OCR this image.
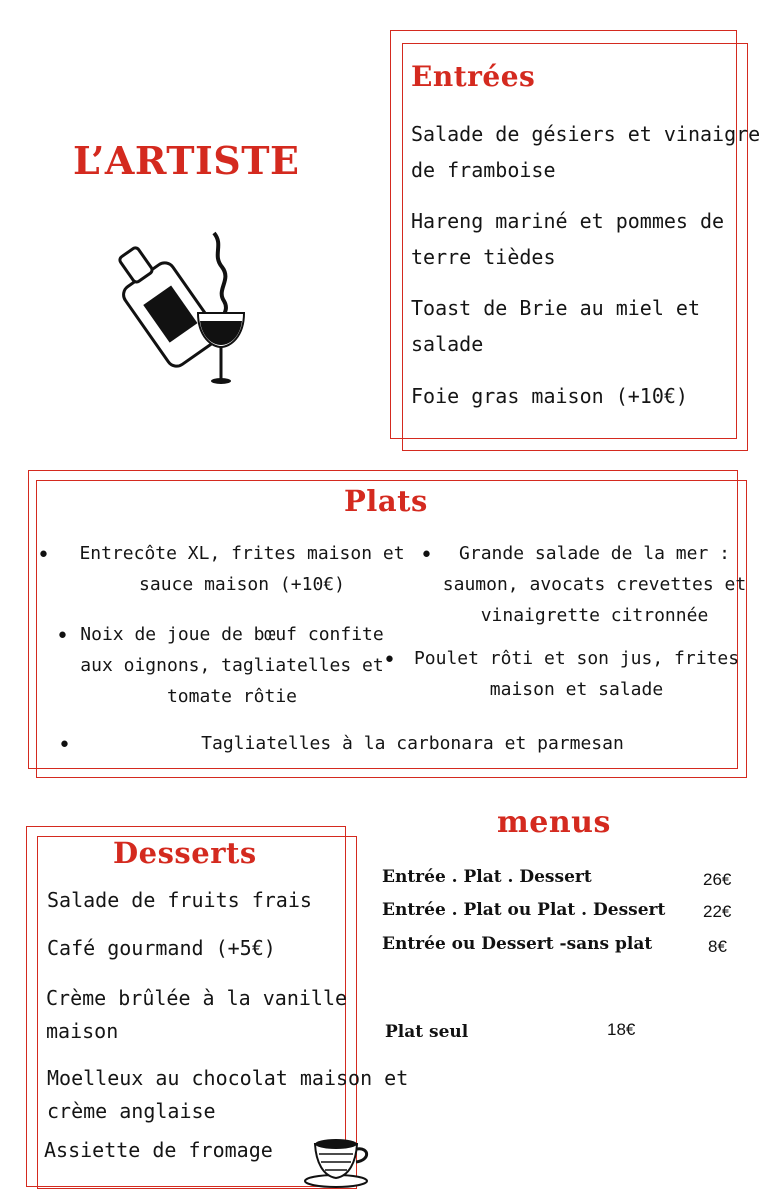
L’ARTISTE
Entrées
Salade de gésiers et vinaigre
de framboise
Hareng mariné et pommes de
terre tièdes
Toast de Brie au miel et
salade
Foie gras maison (+10€)
Plats
•	Entrecôte XL, frites maison et
sauce maison (+10€)
• Noix de joue de bœuf confite
aux oignons, tagliatelles et
tomate rôtie
•	Grande salade de la mer :
saumon, avocats crevettes et
vinaigrette citronnée
• Poulet rôti et son jus, frites
maison et salade
•	Tagliatelles à la carbonara et parmesan
Desserts
Salade de fruits frais
Café gourmand (+5€)
Crème brûlée à la vanille
maison
Moelleux au chocolat maison et
crème anglaise
Assiette de fromage
menus
Entrée . Plat . Dessert	26€
Entrée . Plat ou Plat . Dessert 22€
Entrée ou Dessert -sans plat	8€
Plat seul	18€
